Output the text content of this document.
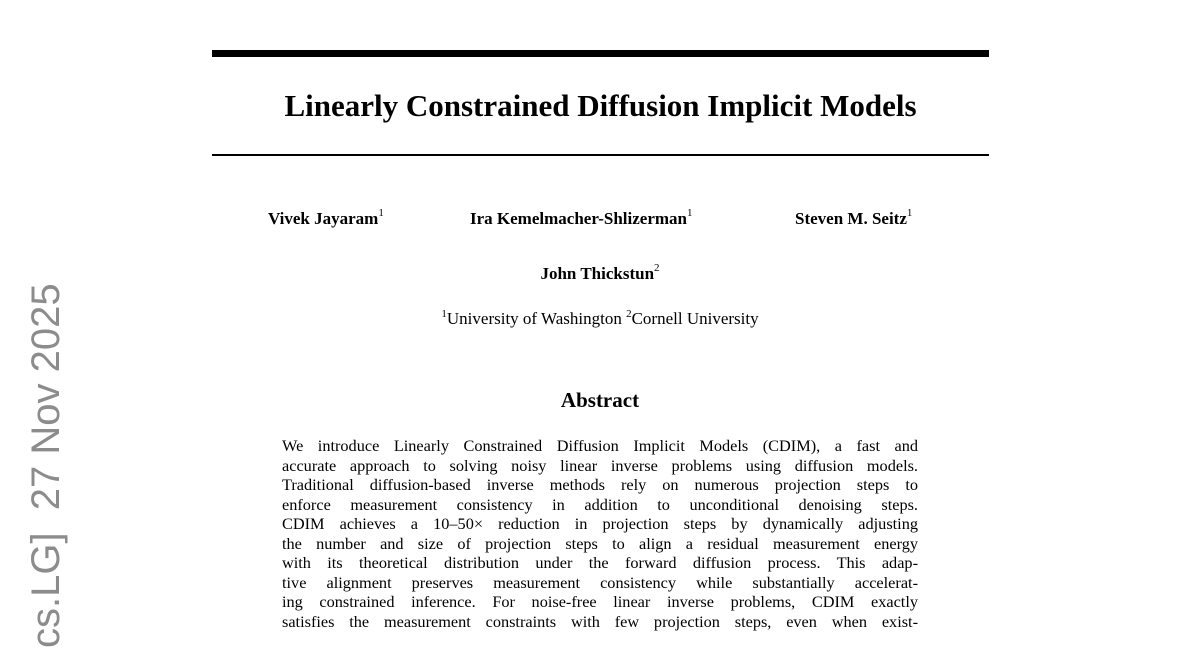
Linearly Constrained Diffusion Implicit Models
Vivek Jayaram$^1$	Ira Kemelmacher-Shlizerman$^1$	Steven M. Seitz$^1$
John Thickstun$^2$
$^1$University of Washington $^2$Cornell University
Abstract
We introduce Linearly Constrained Diffusion Implicit Models (CDIM), a fast and
accurate approach to solving noisy linear inverse problems using diffusion models.
Traditional diffusion-based inverse methods rely on numerous projection steps to
enforce measurement consistency in addition to unconditional denoising steps.
CDIM achieves a 10–50× reduction in projection steps by dynamically adjusting
the number and size of projection steps to align a residual measurement energy
with its theoretical distribution under the forward diffusion process. This adap-
tive alignment preserves measurement consistency while substantially accelerat-
ing constrained inference. For noise-free linear inverse problems, CDIM exactly
satisfies the measurement constraints with few projection steps, even when exist-
cs.LG]  27 Nov 2025
